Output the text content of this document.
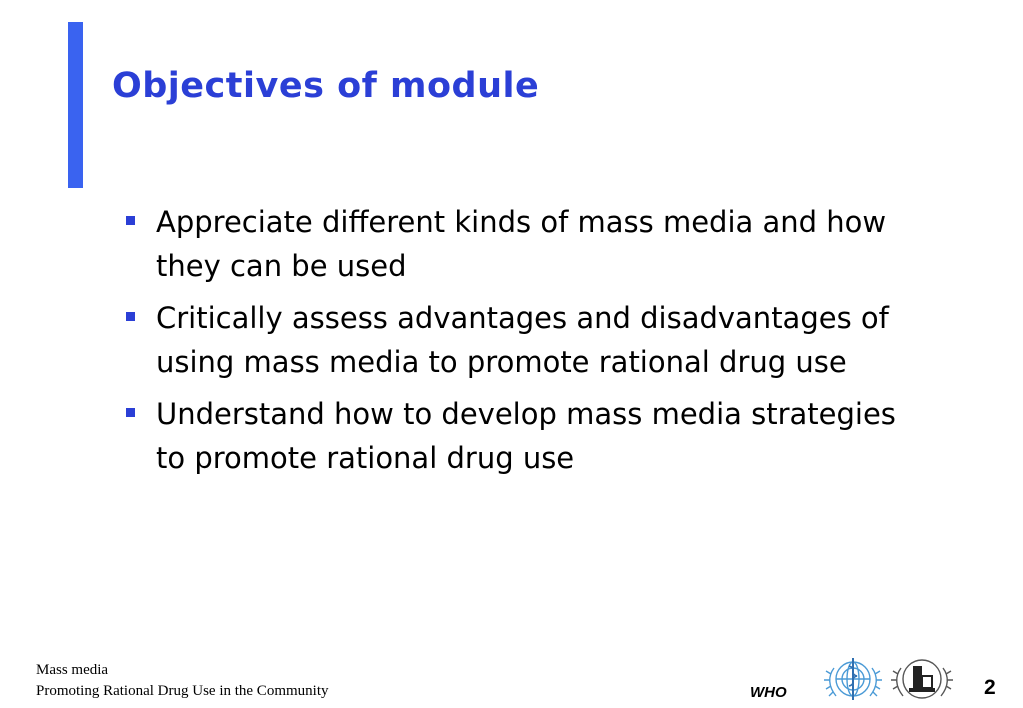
Objectives of module
Appreciate different kinds of mass media and how they can be used
Critically assess advantages and disadvantages of using mass media to promote rational drug use
Understand how to develop mass media strategies to promote rational drug use
Mass media
Promoting Rational Drug Use in the Community	WHO	2
